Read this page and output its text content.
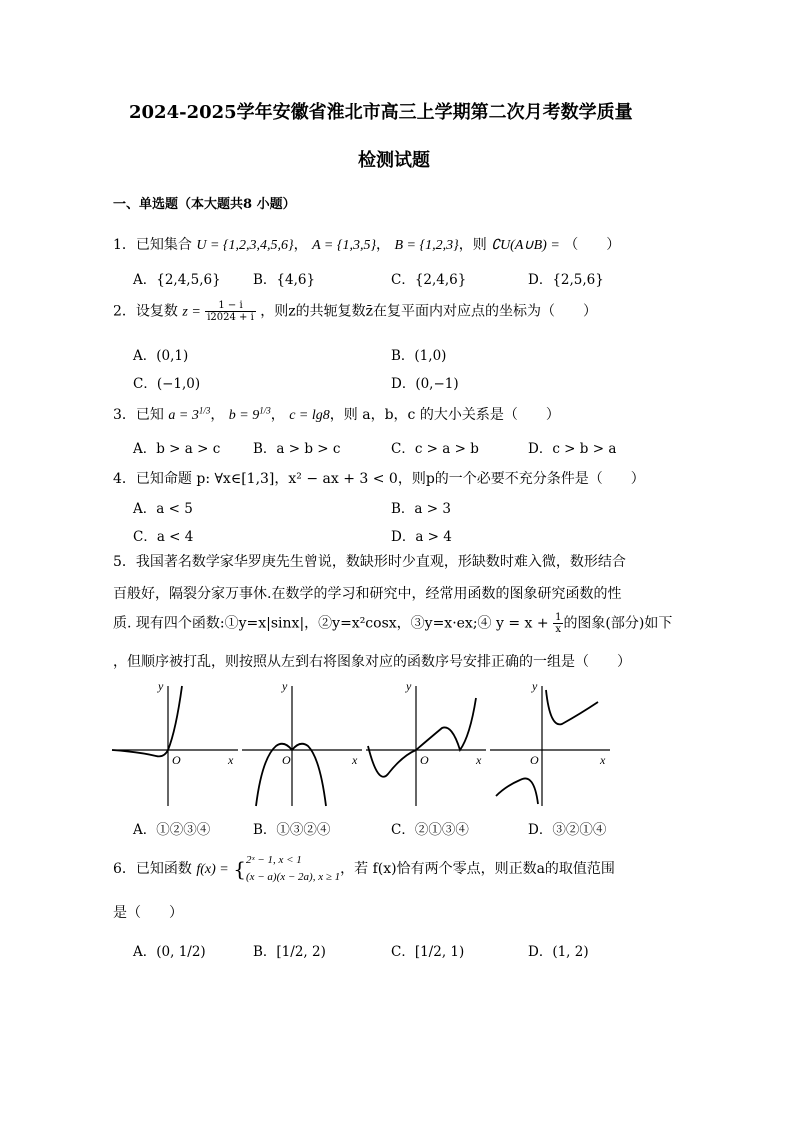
2024-2025学年安徽省淮北市高三上学期第二次月考数学质量
检测试题
一、单选题（本大题共8 小题）
1．已知集合 U = {1,2,3,4,5,6}， A = {1,3,5}， B = {1,2,3}，则 ∁U(A∪B) = （　　）
A．{2,4,5,6} B．{4,6}	C．{2,4,6}	D．{2,5,6}
2．设复数 $z = \frac{1 - i}{i2024 + i}$ ，则z的共轭复数z̄在复平面内对应点的坐标为（　　）
A．(0,1)	B．(1,0)
C．(−1,0)	D．(0,−1)
3．已知 $a = 3^{1/3}$， $b = 9^{1/3}$， c = lg8，则 a，b，c 的大小关系是（　　）
A．b > a > c B．a > b > c	C．c > a > b	D．c > b > a
4．已知命题 p: ∀x∈[1,3]，x² − ax + 3 < 0，则p的一个必要不充分条件是（　　）
A．a < 5	B．a > 3
C．a < 4	D．a > 4
5．我国著名数学家华罗庚先生曾说，数缺形时少直观，形缺数时难入微，数形结合
百般好，隔裂分家万事休.在数学的学习和研究中，经常用函数的图象研究函数的性
质. 现有四个函数:①y=x|sinx|，②y=x²cosx，③y=x·ex;④ $y = x + \frac{1}{x}$ 的图象(部分)如下
，但顺序被打乱，则按照从左到右将图象对应的函数序号安排正确的一组是（　　）
y
x
O
y
x
O
y
x
O
y
x
O
A．①②③④	B．①③②④	C．②①③④	D．③②①④
6．已知函数 f(x) = { 2ˣ − 1, x < 1
(x − a)(x − 2a), x ≥ 1 ，若 f(x)恰有两个零点，则正数a的取值范围
是（　　）
A．(0, 1/2)	B．[1/2, 2)	C．[1/2, 1)	D．(1, 2)
